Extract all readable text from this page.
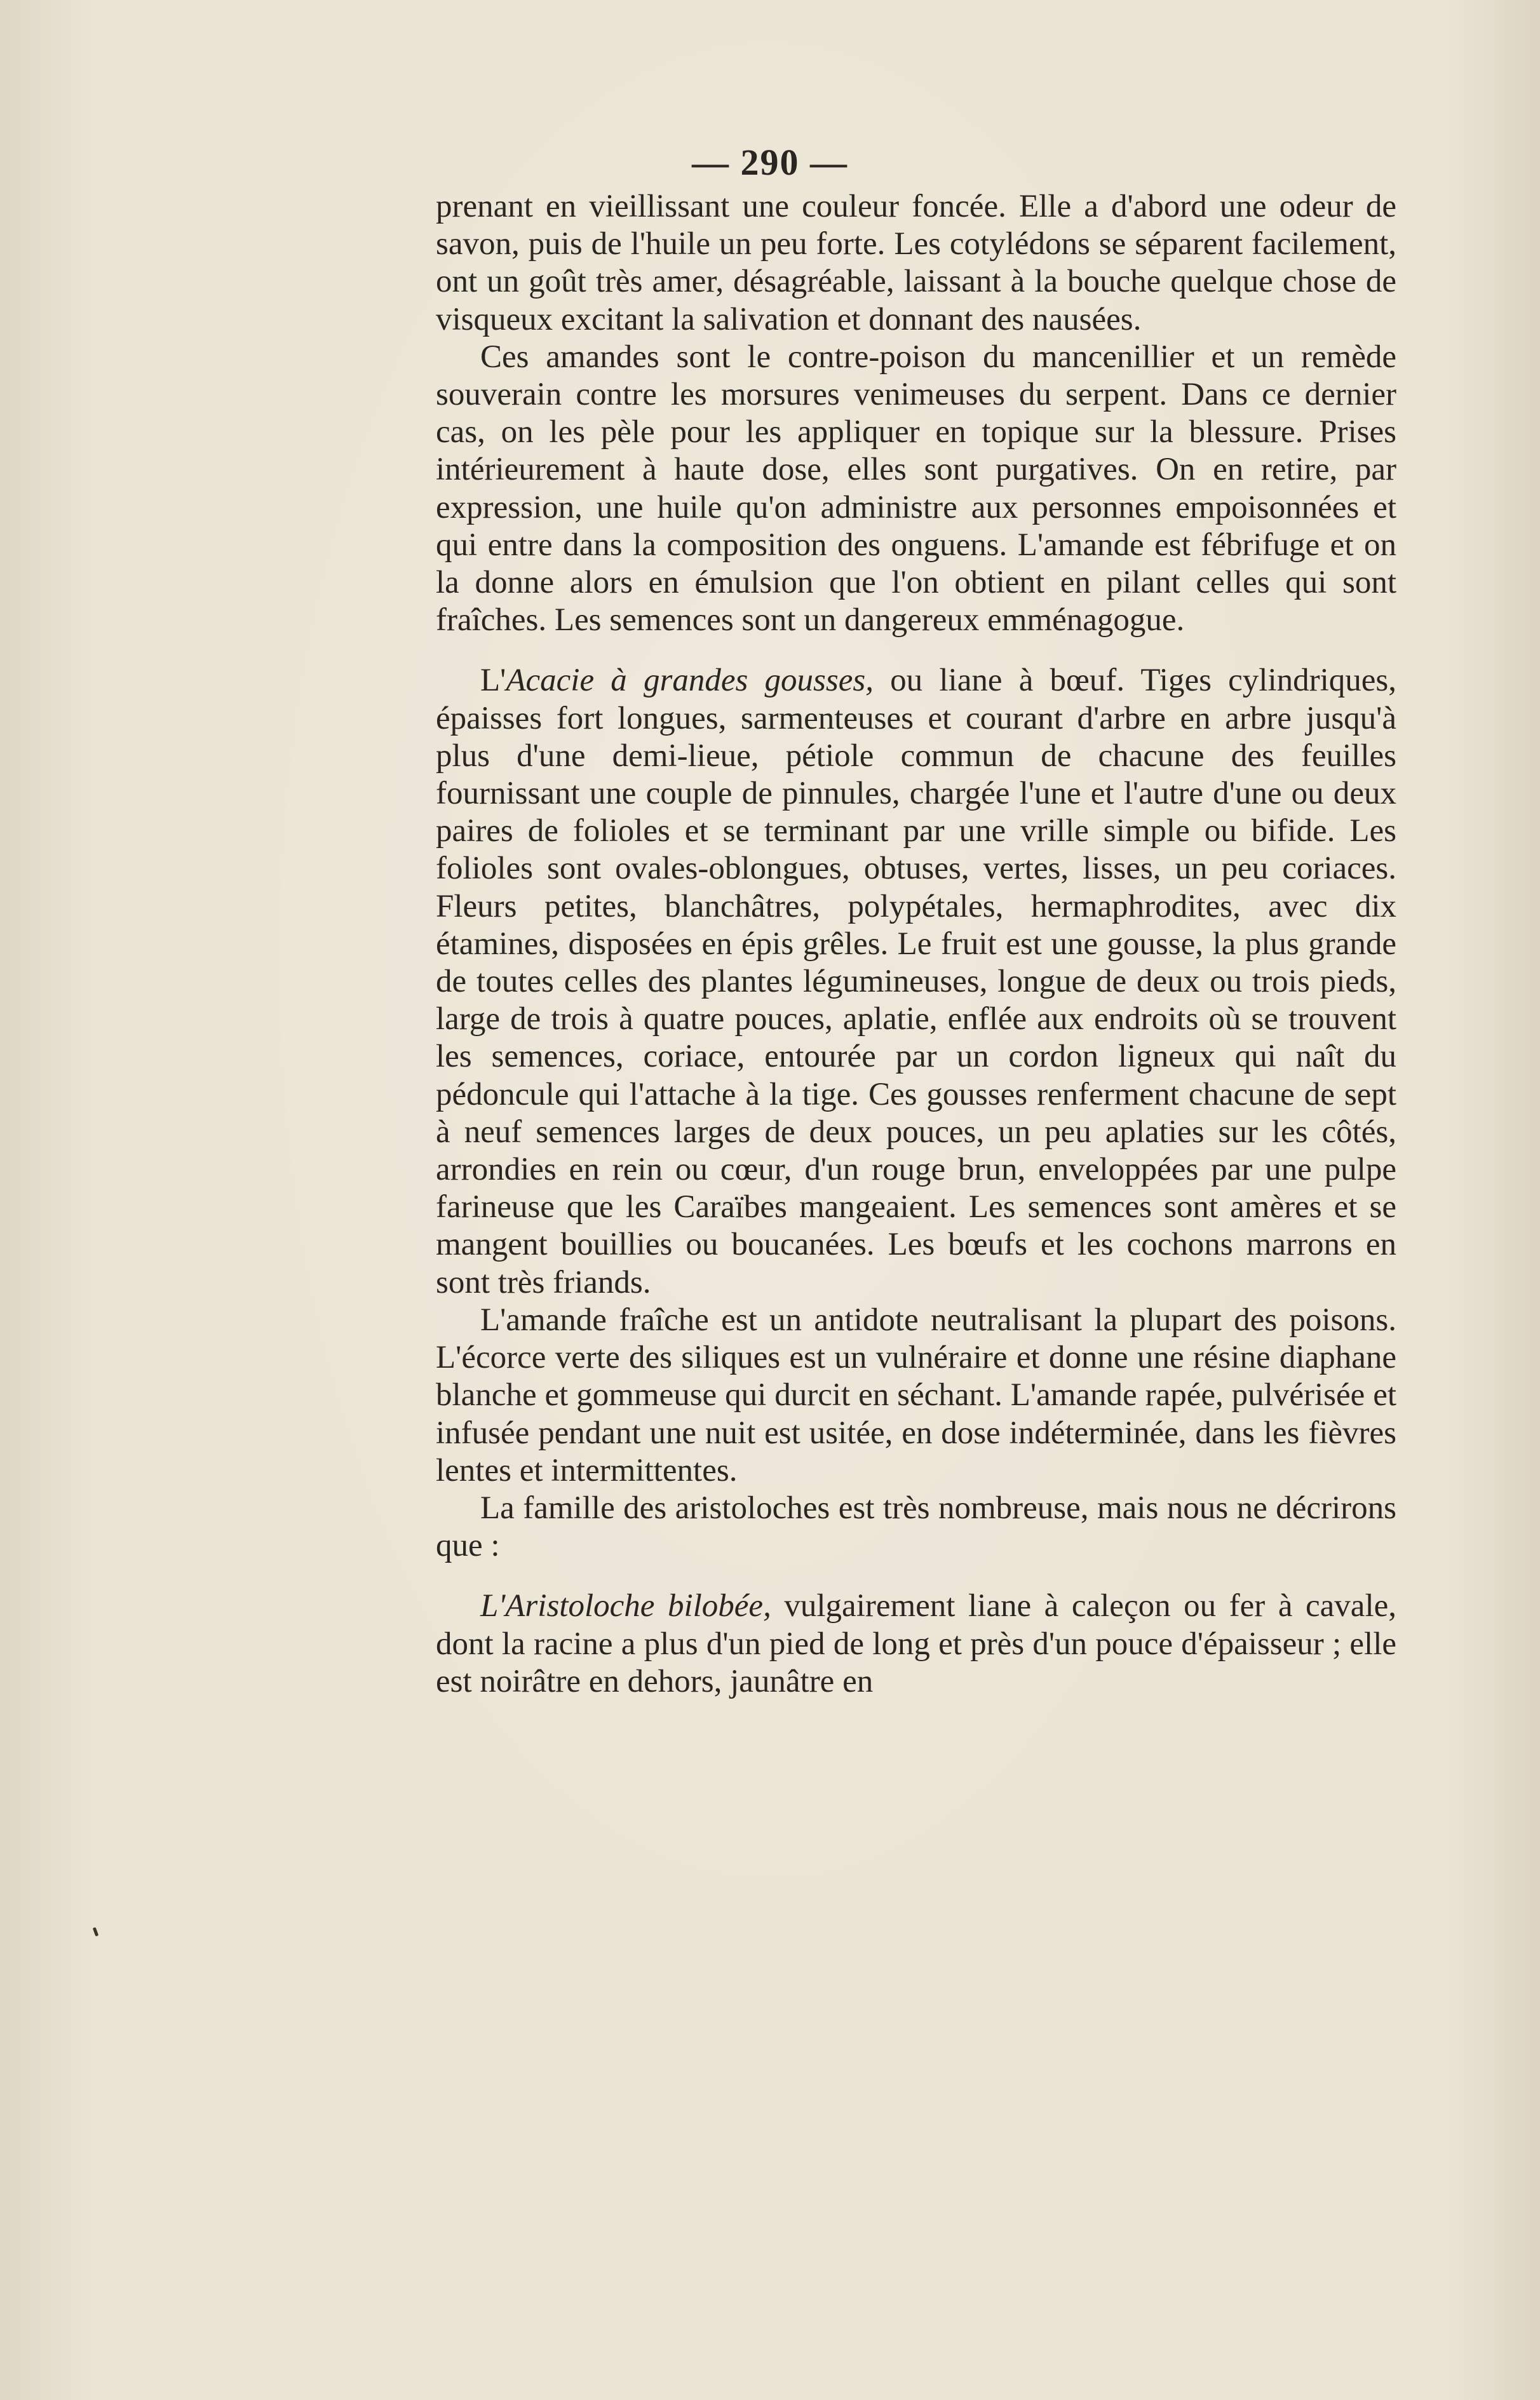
— 290 —

prenant en vieillissant une couleur foncée. Elle a d'abord une odeur de savon, puis de l'huile un peu forte. Les cotylédons se séparent facilement, ont un goût très amer, désagréable, laissant à la bouche quelque chose de visqueux excitant la salivation et donnant des nausées.

Ces amandes sont le contre-poison du mancenillier et un remède souverain contre les morsures venimeuses du serpent. Dans ce dernier cas, on les pèle pour les appliquer en topique sur la blessure. Prises intérieurement à haute dose, elles sont purgatives. On en retire, par expression, une huile qu'on administre aux personnes empoisonnées et qui entre dans la composition des onguens. L'amande est fébrifuge et on la donne alors en émulsion que l'on obtient en pilant celles qui sont fraîches. Les semences sont un dangereux emménagogue.

L'Acacie à grandes gousses, ou liane à bœuf. Tiges cylindriques, épaisses fort longues, sarmenteuses et courant d'arbre en arbre jusqu'à plus d'une demi-lieue, pétiole commun de chacune des feuilles fournissant une couple de pinnules, chargée l'une et l'autre d'une ou deux paires de folioles et se terminant par une vrille simple ou bifide. Les folioles sont ovales-oblongues, obtuses, vertes, lisses, un peu coriaces. Fleurs petites, blanchâtres, polypétales, hermaphrodites, avec dix étamines, disposées en épis grêles. Le fruit est une gousse, la plus grande de toutes celles des plantes légumineuses, longue de deux ou trois pieds, large de trois à quatre pouces, aplatie, enflée aux endroits où se trouvent les semences, coriace, entourée par un cordon ligneux qui naît du pédoncule qui l'attache à la tige. Ces gousses renferment chacune de sept à neuf semences larges de deux pouces, un peu aplaties sur les côtés, arrondies en rein ou cœur, d'un rouge brun, enveloppées par une pulpe farineuse que les Caraïbes mangeaient. Les semences sont amères et se mangent bouillies ou boucanées. Les bœufs et les cochons marrons en sont très friands.

L'amande fraîche est un antidote neutralisant la plupart des poisons. L'écorce verte des siliques est un vulnéraire et donne une résine diaphane blanche et gommeuse qui durcit en séchant. L'amande rapée, pulvérisée et infusée pendant une nuit est usitée, en dose indéterminée, dans les fièvres lentes et intermittentes.

La famille des aristoloches est très nombreuse, mais nous ne décrirons que :

L'Aristoloche bilobée, vulgairement liane à caleçon ou fer à cavale, dont la racine a plus d'un pied de long et près d'un pouce d'épaisseur ; elle est noirâtre en dehors, jaunâtre en
